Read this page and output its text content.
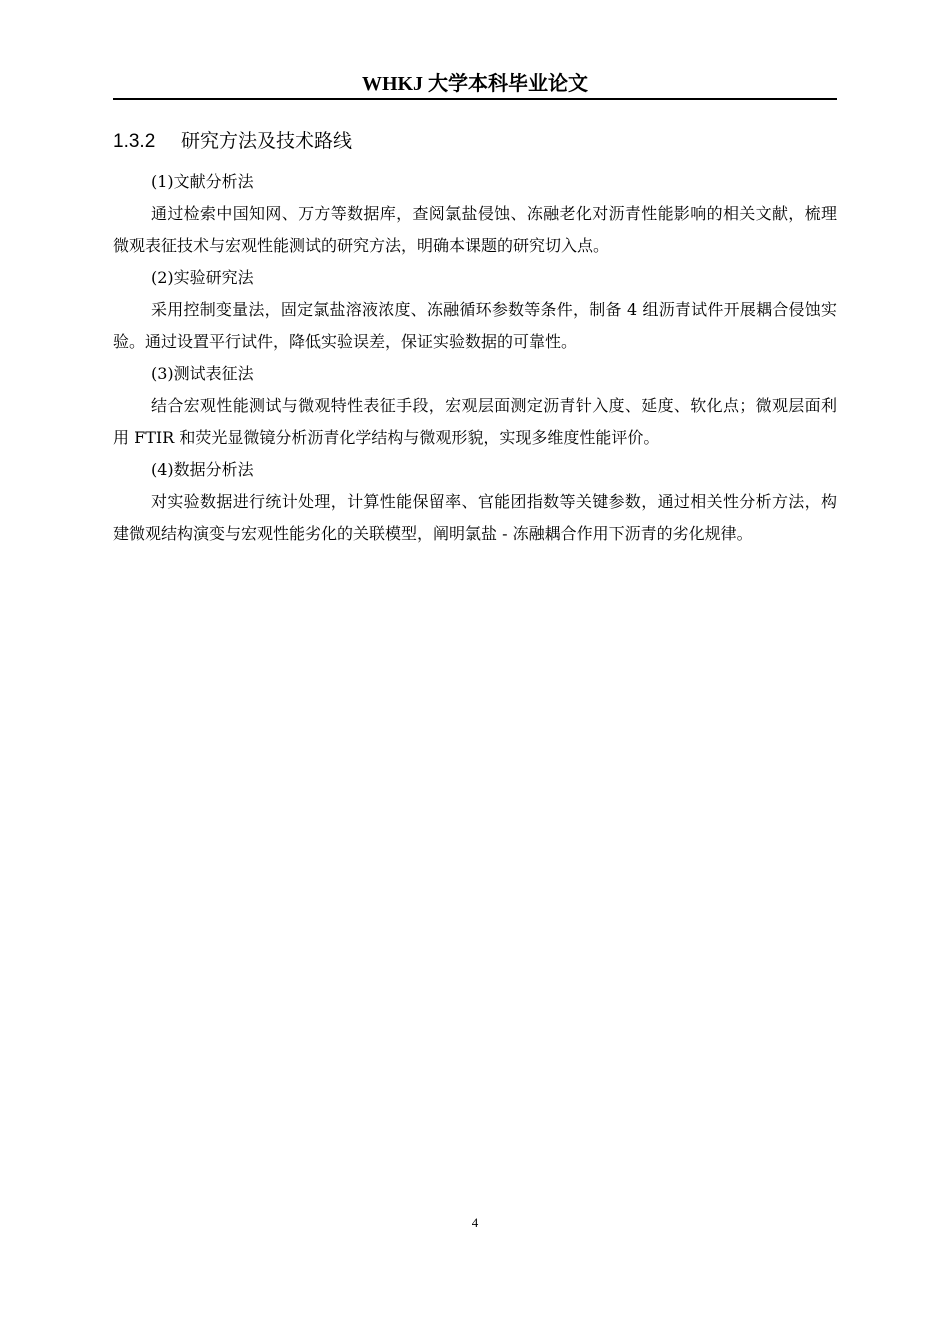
WHKJ 大学本科毕业论文
1.3.2 研究方法及技术路线

(1)文献分析法

通过检索中国知网、万方等数据库，查阅氯盐侵蚀、冻融老化对沥青性能影响的相关文献，梳理微观表征技术与宏观性能测试的研究方法，明确本课题的研究切入点。

(2)实验研究法

采用控制变量法，固定氯盐溶液浓度、冻融循环参数等条件，制备 4 组沥青试件开展耦合侵蚀实验。通过设置平行试件，降低实验误差，保证实验数据的可靠性。

(3)测试表征法

结合宏观性能测试与微观特性表征手段，宏观层面测定沥青针入度、延度、软化点；微观层面利用 FTIR 和荧光显微镜分析沥青化学结构与微观形貌，实现多维度性能评价。

(4)数据分析法

对实验数据进行统计处理，计算性能保留率、官能团指数等关键参数，通过相关性分析方法，构建微观结构演变与宏观性能劣化的关联模型，阐明氯盐 - 冻融耦合作用下沥青的劣化规律。

4
